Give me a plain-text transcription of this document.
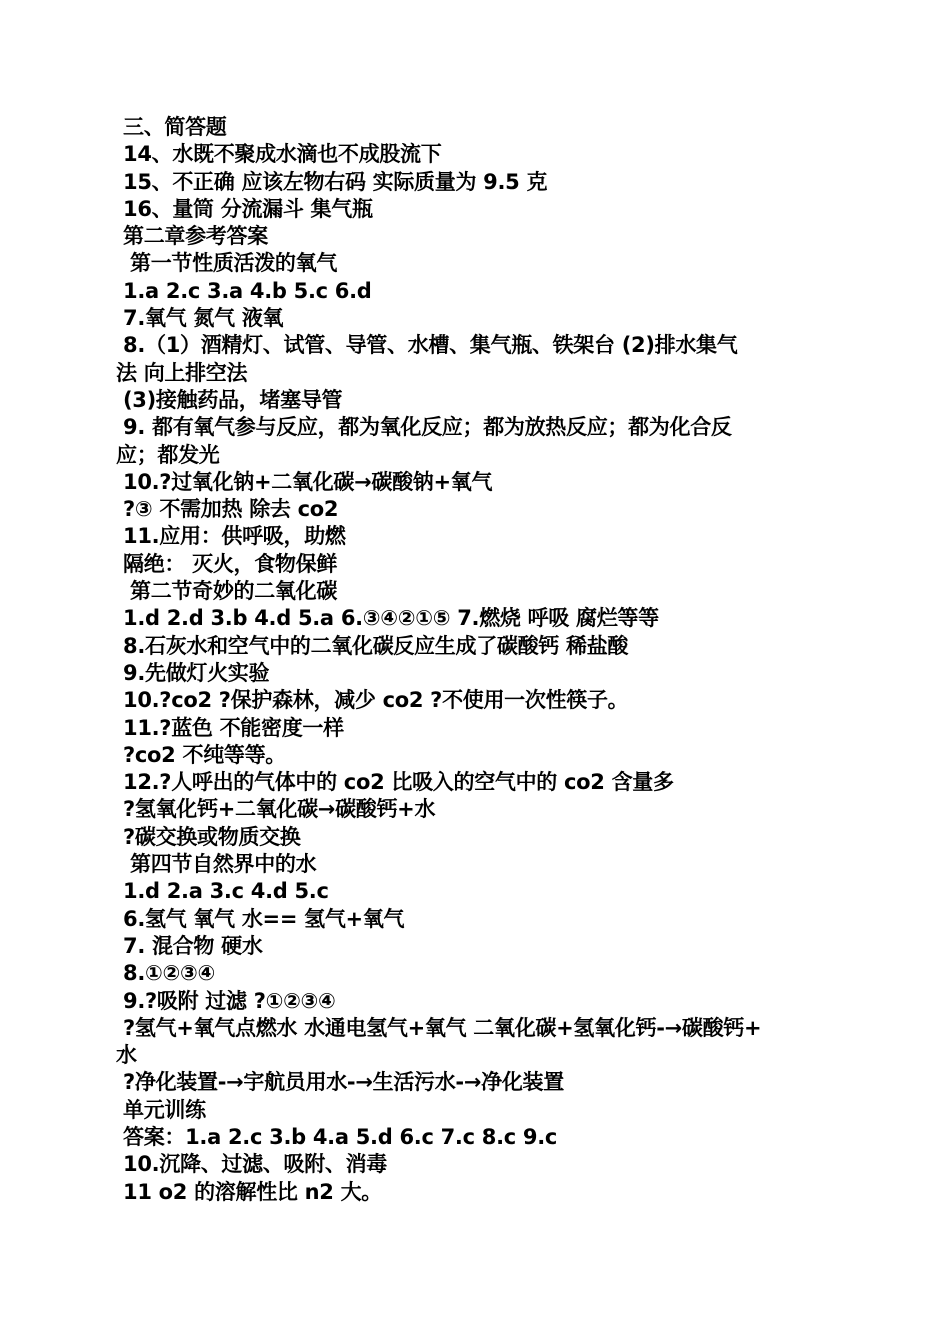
三、简答题
14、水既不聚成水滴也不成股流下
15、不正确 应该左物右码 实际质量为 9.5 克
16、量筒 分流漏斗 集气瓶
第二章参考答案
第一节性质活泼的氧气
1.a 2.c 3.a 4.b 5.c 6.d
7.氧气 氮气 液氧
8.（1）酒精灯、试管、导管、水槽、集气瓶、铁架台 (2)排水集气
法 向上排空法
(3)接触药品，堵塞导管
9. 都有氧气参与反应，都为氧化反应；都为放热反应；都为化合反
应；都发光
10.?过氧化钠+二氧化碳→碳酸钠+氧气
?③ 不需加热 除去 co2
11.应用：供呼吸，助燃
隔绝： 灭火，食物保鲜
第二节奇妙的二氧化碳
1.d 2.d 3.b 4.d 5.a 6.③④②①⑤ 7.燃烧 呼吸 腐烂等等
8.石灰水和空气中的二氧化碳反应生成了碳酸钙 稀盐酸
9.先做灯火实验
10.?co2 ?保护森林，减少 co2 ?不使用一次性筷子。
11.?蓝色 不能密度一样
?co2 不纯等等。
12.?人呼出的气体中的 co2 比吸入的空气中的 co2 含量多
?氢氧化钙+二氧化碳→碳酸钙+水
?碳交换或物质交换
第四节自然界中的水
1.d 2.a 3.c 4.d 5.c
6.氢气 氧气 水== 氢气+氧气
7. 混合物 硬水
8.①②③④
9.?吸附 过滤 ?①②③④
?氢气+氧气点燃水 水通电氢气+氧气 二氧化碳+氢氧化钙-→碳酸钙+
水
?净化装置-→宇航员用水-→生活污水-→净化装置
单元训练
答案：1.a 2.c 3.b 4.a 5.d 6.c 7.c 8.c 9.c
10.沉降、过滤、吸附、消毒
11 o2 的溶解性比 n2 大。
